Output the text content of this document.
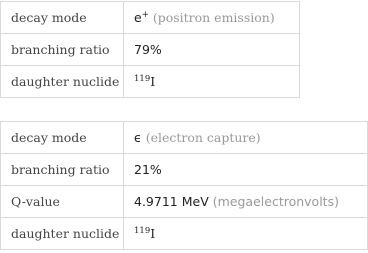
decay mode	e+ (positron emission)
branching ratio	79%
daughter nuclide	$^{119}$I
decay mode	ϵ (electron capture)
branching ratio	21%
Q-value	4.9711 MeV (megaelectronvolts)
daughter nuclide	$^{119}$I
